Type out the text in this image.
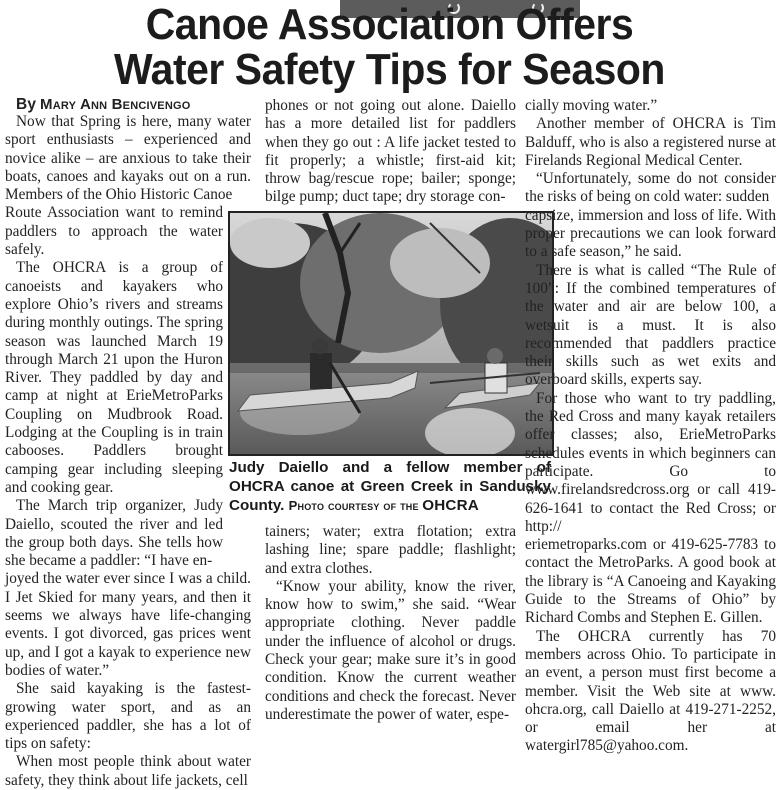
Canoe Association Offers
Water Safety Tips for Season

By Mary Ann Bencivengo

Now that Spring is here, many water sport enthusiasts – experienced and novice alike – are anxious to take their boats, canoes and kayaks out on a run. Members of the Ohio Historic Canoe

Route Association want to remind paddlers to approach the water safely.

The OHCRA is a group of canoeists and kayakers who explore Ohio’s rivers and streams during monthly outings. The spring season was launched March 19 through March 21 upon the Huron River. They paddled by day and camp at night at ErieMetroParks Coupling on Mudbrook Road. Lodging at the Coupling is in train cabooses. Paddlers brought camping gear including sleeping and cooking gear.

The March trip organizer, Judy Daiello, scouted the river and led the group both days. She tells how she became a paddler: “I have en-

joyed the water ever since I was a child. I Jet Skied for many years, and then it seems we always have life-changing events. I got divorced, gas prices went up, and I got a kayak to experience new bodies of water.”

She said kayaking is the fastest-growing water sport, and as an experienced paddler, she has a lot of tips on safety:

When most people think about water safety, they think about life jackets, cell

phones or not going out alone. Daiello has a more detailed list for paddlers when they go out : A life jacket tested to fit properly; a whistle; first-aid kit; throw bag/rescue rope; bailer; sponge; bilge pump; duct tape; dry storage con-

Judy Daiello and a fellow member of OHCRA canoe at Green Creek in Sandusky County. Photo courtesy of the OHCRA

tainers; water; extra flotation; extra lashing line; spare paddle; flashlight; and extra clothes.

“Know your ability, know the river, know how to swim,” she said. “Wear appropriate clothing. Never paddle under the influence of alcohol or drugs. Check your gear; make sure it’s in good condition. Know the current weather conditions and check the forecast. Never underestimate the power of water, espe-

cially moving water.”

Another member of OHCRA is Tim Balduff, who is also a registered nurse at Firelands Regional Medical Center.

“Unfortunately, some do not consider the risks of being on cold water: sudden

capsize, immersion and loss of life. With proper precautions we can look forward to a safe season,” he said.

There is what is called “The Rule of 100”: If the combined temperatures of the water and air are below 100, a wetsuit is a must. It is also recommended that paddlers practice their skills such as wet exits and overboard skills, experts say.

For those who want to try paddling, the Red Cross and many kayak retailers offer classes; also, ErieMetroParks schedules events in which beginners can participate. Go to www.firelandsredcross.org or call 419-626-1641 to contact the Red Cross; or http://

eriemetroparks.com or 419-625-7783 to contact the MetroParks. A good book at the library is “A Canoeing and Kayaking Guide to the Streams of Ohio” by Richard Combs and Stephen E. Gillen.

The OHCRA currently has 70 members across Ohio. To participate in an event, a person must first become a member. Visit the Web site at www. ohcra.org, call Daiello at 419-271-2252, or email her at watergirl785@yahoo.com.
